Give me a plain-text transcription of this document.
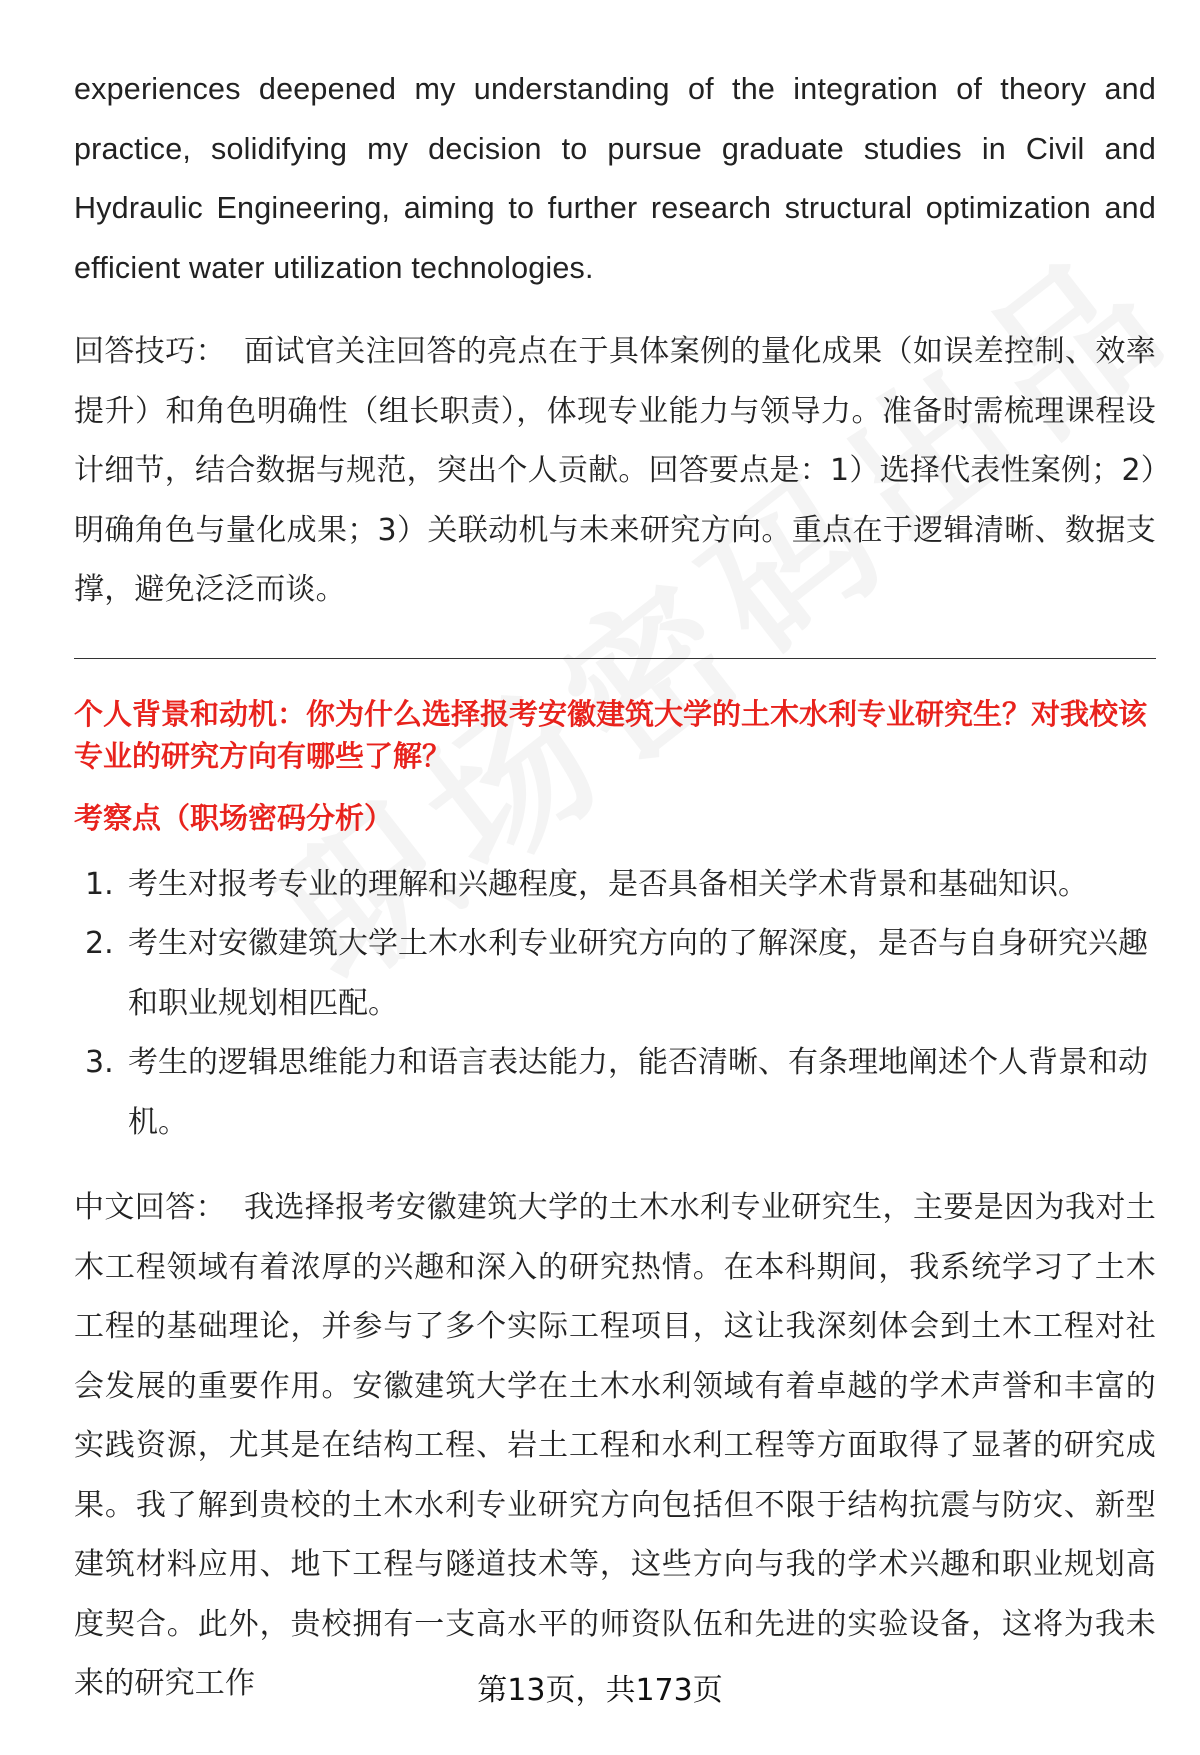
experiences deepened my understanding of the integration of theory and practice, solidifying my decision to pursue graduate studies in Civil and Hydraulic Engineering, aiming to further research structural optimization and efficient water utilization technologies.

回答技巧： 面试官关注回答的亮点在于具体案例的量化成果（如误差控制、效率提升）和角色明确性（组长职责），体现专业能力与领导力。准备时需梳理课程设计细节，结合数据与规范，突出个人贡献。回答要点是：1）选择代表性案例；2）明确角色与量化成果；3）关联动机与未来研究方向。重点在于逻辑清晰、数据支撑，避免泛泛而谈。

个人背景和动机：你为什么选择报考安徽建筑大学的土木水利专业研究生？对我校该专业的研究方向有哪些了解？

考察点（职场密码分析）

1. 考生对报考专业的理解和兴趣程度，是否具备相关学术背景和基础知识。
2. 考生对安徽建筑大学土木水利专业研究方向的了解深度，是否与自身研究兴趣和职业规划相匹配。
3. 考生的逻辑思维能力和语言表达能力，能否清晰、有条理地阐述个人背景和动机。

中文回答： 我选择报考安徽建筑大学的土木水利专业研究生，主要是因为我对土木工程领域有着浓厚的兴趣和深入的研究热情。在本科期间，我系统学习了土木工程的基础理论，并参与了多个实际工程项目，这让我深刻体会到土木工程对社会发展的重要作用。安徽建筑大学在土木水利领域有着卓越的学术声誉和丰富的实践资源，尤其是在结构工程、岩土工程和水利工程等方面取得了显著的研究成果。我了解到贵校的土木水利专业研究方向包括但不限于结构抗震与防灾、新型建筑材料应用、地下工程与隧道技术等，这些方向与我的学术兴趣和职业规划高度契合。此外，贵校拥有一支高水平的师资队伍和先进的实验设备，这将为我未来的研究工作	第13页，共173页
